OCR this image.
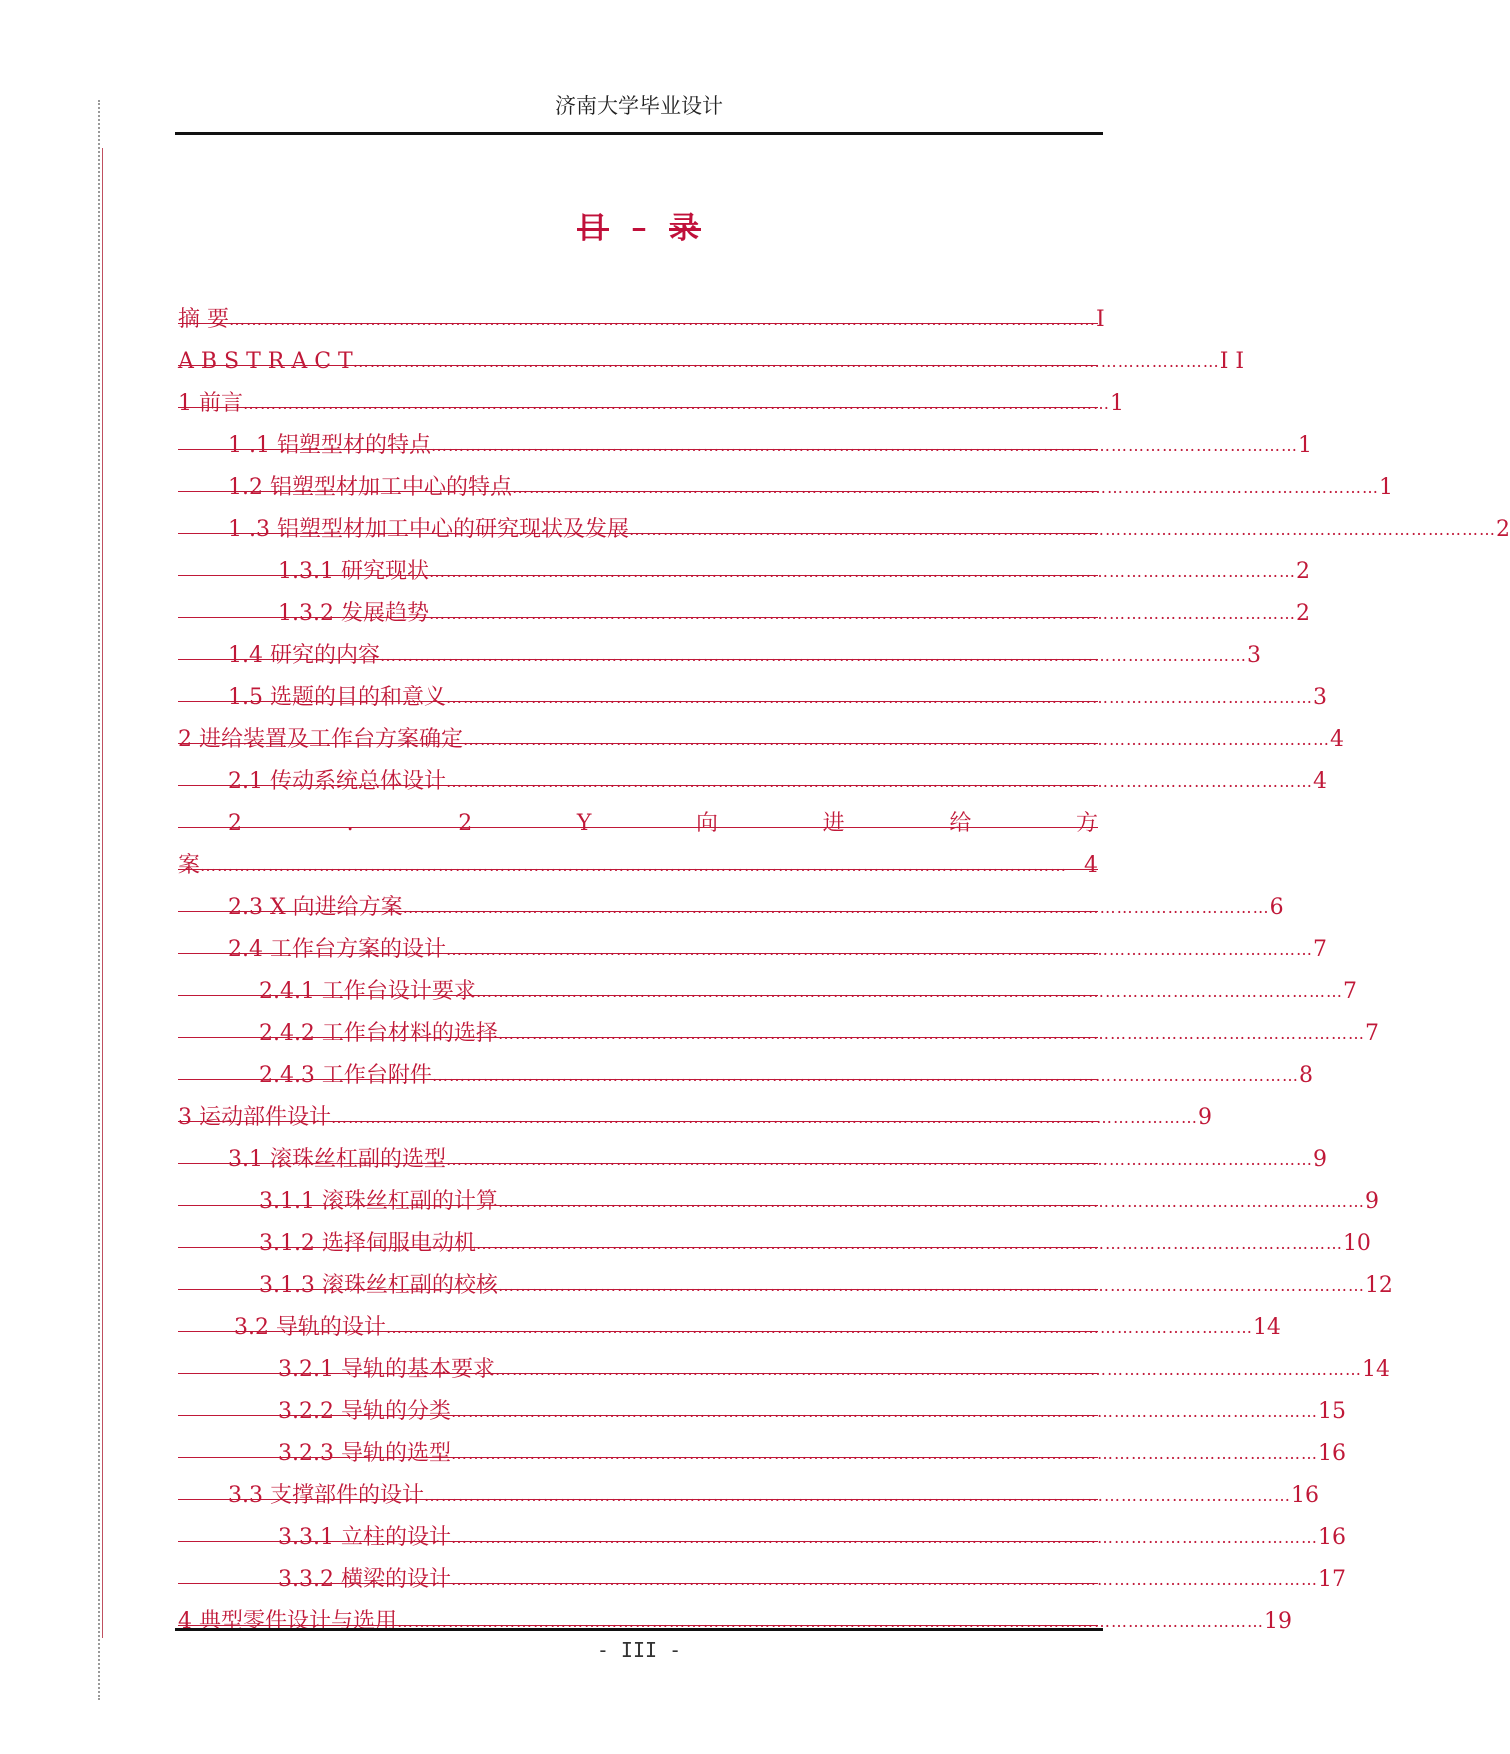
济南大学毕业设计
目 录
摘 要 ……………………………………………………………………………………………………………………………………… I
A B S T R A C T ……………………………………………………………………………………………………………………………………… I I
1 前言 ……………………………………………………………………………………………………………………………………… 1
1 .1 铝塑型材的特点 ……………………………………………………………………………………………………………………………………… 1
1.2 铝塑型材加工中心的特点 ……………………………………………………………………………………………………………………………………… 1
1 .3 铝塑型材加工中心的研究现状及发展 ……………………………………………………………………………………………………………………………………… 2
1.3.1 研究现状 ……………………………………………………………………………………………………………………………………… 2
1.3.2 发展趋势 ……………………………………………………………………………………………………………………………………… 2
1.4 研究的内容 ……………………………………………………………………………………………………………………………………… 3
1.5 选题的目的和意义 ……………………………………………………………………………………………………………………………………… 3
2 进给装置及工作台方案确定 ……………………………………………………………………………………………………………………………………… 4
2.1 传动系统总体设计 ……………………………………………………………………………………………………………………………………… 4
2	.	2	Y	向	进	给	方
案 ……………………………………………………………………………………………………………………………………… 4
2.3 X 向进给方案 ……………………………………………………………………………………………………………………………………… 6
2.4 工作台方案的设计 ……………………………………………………………………………………………………………………………………… 7

2.4.1 工作台设计要求 ……………………………………………………………………………………………………………………………………… 7

2.4.2 工作台材料的选择 ……………………………………………………………………………………………………………………………………… 7

2.4.3 工作台附件 ……………………………………………………………………………………………………………………………………… 8
3 运动部件设计 ……………………………………………………………………………………………………………………………………… 9
3.1 滚珠丝杠副的选型 ……………………………………………………………………………………………………………………………………… 9

3.1.1 滚珠丝杠副的计算 ……………………………………………………………………………………………………………………………………… 9

3.1.2 选择伺服电动机 ……………………………………………………………………………………………………………………………………… 10

3.1.3 滚珠丝杠副的校核 ……………………………………………………………………………………………………………………………………… 12

3.2 导轨的设计 ……………………………………………………………………………………………………………………………………… 14
3.2.1 导轨的基本要求 ……………………………………………………………………………………………………………………………………… 14
3.2.2 导轨的分类 ……………………………………………………………………………………………………………………………………… 15
3.2.3 导轨的选型 ……………………………………………………………………………………………………………………………………… 16
3.3 支撑部件的设计 ……………………………………………………………………………………………………………………………………… 16
3.3.1 立柱的设计 ……………………………………………………………………………………………………………………………………… 16
3.3.2 横梁的设计 ……………………………………………………………………………………………………………………………………… 17
4 典型零件设计与选用 ……………………………………………………………………………………………………………………………………… 19
- III -
